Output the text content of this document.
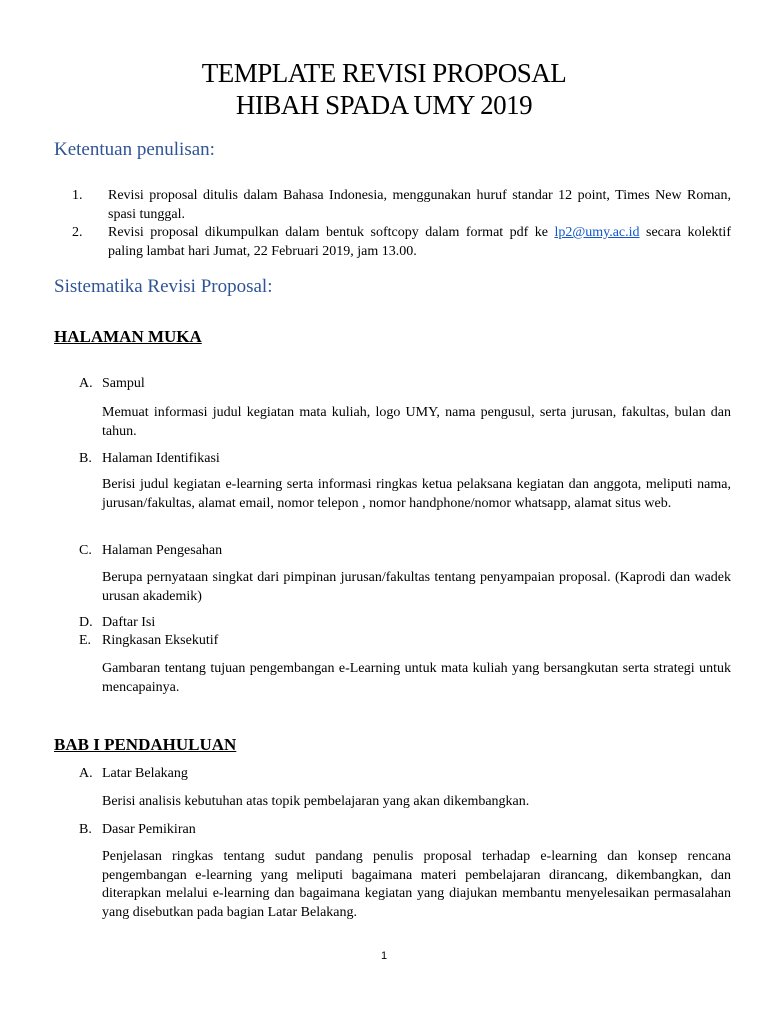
TEMPLATE REVISI PROPOSAL
HIBAH SPADA UMY 2019
Ketentuan penulisan:
1. Revisi proposal ditulis dalam Bahasa Indonesia, menggunakan huruf standar 12 point, Times New Roman, spasi tunggal.
2. Revisi proposal dikumpulkan dalam bentuk softcopy dalam format pdf ke lp2@umy.ac.id secara kolektif paling lambat hari Jumat, 22 Februari 2019, jam 13.00.
Sistematika Revisi Proposal:
HALAMAN MUKA
A. Sampul
Memuat informasi judul kegiatan mata kuliah, logo UMY, nama pengusul, serta jurusan, fakultas, bulan dan tahun.
B. Halaman Identifikasi
Berisi judul kegiatan e-learning serta informasi ringkas ketua pelaksana kegiatan dan anggota, meliputi nama, jurusan/fakultas, alamat email, nomor telepon , nomor handphone/nomor whatsapp, alamat situs web.
C. Halaman Pengesahan
Berupa pernyataan singkat dari pimpinan jurusan/fakultas tentang penyampaian proposal. (Kaprodi dan wadek urusan akademik)
D. Daftar Isi
E. Ringkasan Eksekutif
Gambaran tentang tujuan pengembangan e-Learning untuk mata kuliah yang bersangkutan serta strategi untuk mencapainya.
BAB I PENDAHULUAN
A. Latar Belakang
Berisi analisis kebutuhan atas topik pembelajaran yang akan dikembangkan.
B. Dasar Pemikiran
Penjelasan ringkas tentang sudut pandang penulis proposal terhadap e-learning dan konsep rencana pengembangan e-learning yang meliputi bagaimana materi pembelajaran dirancang, dikembangkan, dan diterapkan melalui e-learning dan bagaimana kegiatan yang diajukan membantu menyelesaikan permasalahan yang disebutkan pada bagian Latar Belakang.
1
